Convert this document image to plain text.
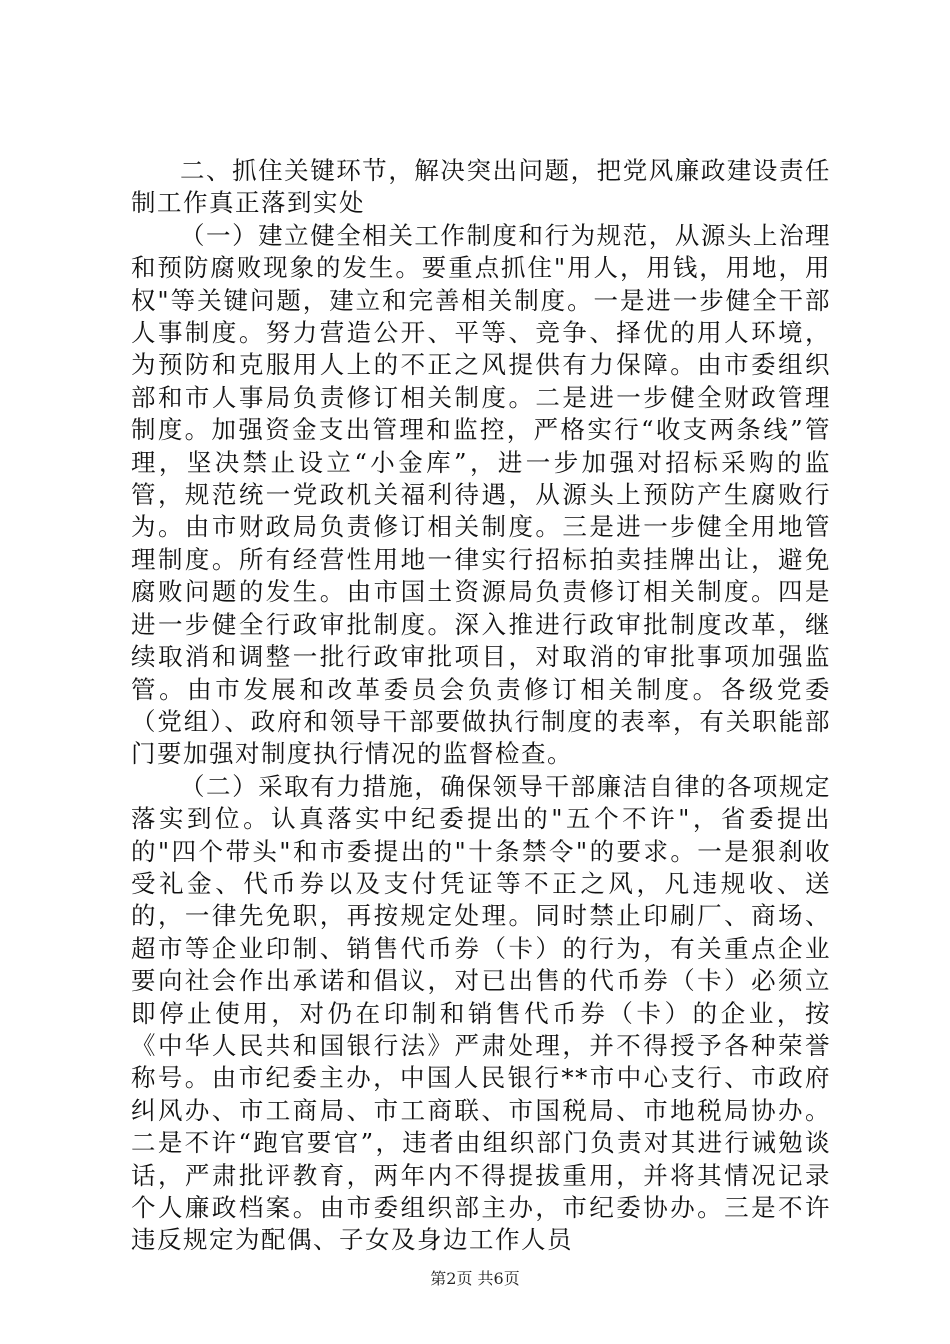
二、抓住关键环节，解决突出问题，把党风廉政建设责任制工作真正落到实处

（一）建立健全相关工作制度和行为规范，从源头上治理和预防腐败现象的发生。要重点抓住"用人，用钱，用地，用权"等关键问题，建立和完善相关制度。一是进一步健全干部人事制度。努力营造公开、平等、竞争、择优的用人环境，为预防和克服用人上的不正之风提供有力保障。由市委组织部和市人事局负责修订相关制度。二是进一步健全财政管理制度。加强资金支出管理和监控，严格实行“收支两条线”管理，坚决禁止设立“小金库”，进一步加强对招标采购的监管，规范统一党政机关福利待遇，从源头上预防产生腐败行为。由市财政局负责修订相关制度。三是进一步健全用地管理制度。所有经营性用地一律实行招标拍卖挂牌出让，避免腐败问题的发生。由市国土资源局负责修订相关制度。四是进一步健全行政审批制度。深入推进行政审批制度改革，继续取消和调整一批行政审批项目，对取消的审批事项加强监管。由市发展和改革委员会负责修订相关制度。各级党委（党组）、政府和领导干部要做执行制度的表率，有关职能部门要加强对制度执行情况的监督检查。

（二）采取有力措施，确保领导干部廉洁自律的各项规定落实到位。认真落实中纪委提出的"五个不许"，省委提出的"四个带头"和市委提出的"十条禁令"的要求。一是狠刹收受礼金、代币券以及支付凭证等不正之风，凡违规收、送的，一律先免职，再按规定处理。同时禁止印刷厂、商场、超市等企业印制、销售代币券（卡）的行为，有关重点企业要向社会作出承诺和倡议，对已出售的代币券（卡）必须立即停止使用，对仍在印制和销售代币券（卡）的企业，按《中华人民共和国银行法》严肃处理，并不得授予各种荣誉称号。由市纪委主办，中国人民银行**市中心支行、市政府纠风办、市工商局、市工商联、市国税局、市地税局协办。二是不许“跑官要官”，违者由组织部门负责对其进行诫勉谈话，严肃批评教育，两年内不得提拔重用，并将其情况记录个人廉政档案。由市委组织部主办，市纪委协办。三是不许违反规定为配偶、子女及身边工作人员

第2页 共6页
